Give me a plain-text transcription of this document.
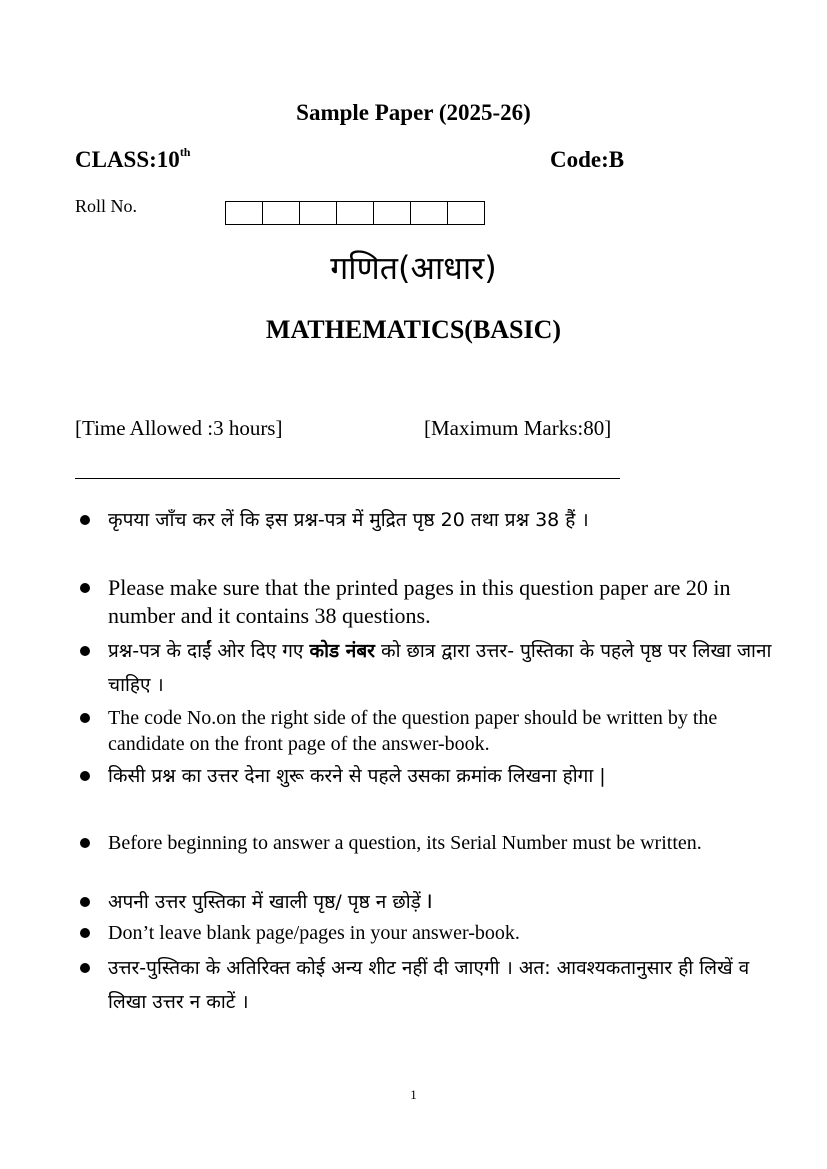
Sample Paper (2025-26)
CLASS:10th	Code:B
Roll No.
गणित(आधार)
MATHEMATICS(BASIC)
[Time Allowed :3 hours]	[Maximum Marks:80]
कृपया जाँच कर लें कि इस प्रश्न-पत्र में मुद्रित पृष्ठ 20 तथा प्रश्न 38 हैं ।
Please make sure that the printed pages in this question paper are 20 in number and it contains 38 questions.
प्रश्न-पत्र के दाईं ओर दिए गए कोड नंबर को छात्र द्वारा उत्तर- पुस्तिका के पहले पृष्ठ पर लिखा जाना चाहिए ।
The code No.on the right side of the question paper should be written by the candidate on the front page of the answer-book.
किसी प्रश्न का उत्तर देना शुरू करने से पहले उसका क्रमांक लिखना होगा |
Before beginning to answer a question, its Serial Number must be written.
अपनी उत्तर पुस्तिका में खाली पृष्ठ/ पृष्ठ न छोड़ें I
Don’t leave blank page/pages in your answer-book.
उत्तर-पुस्तिका के अतिरिक्त कोई अन्य शीट नहीं दी जाएगी । अत: आवश्यकतानुसार ही लिखें व लिखा उत्तर न काटें ।
1
